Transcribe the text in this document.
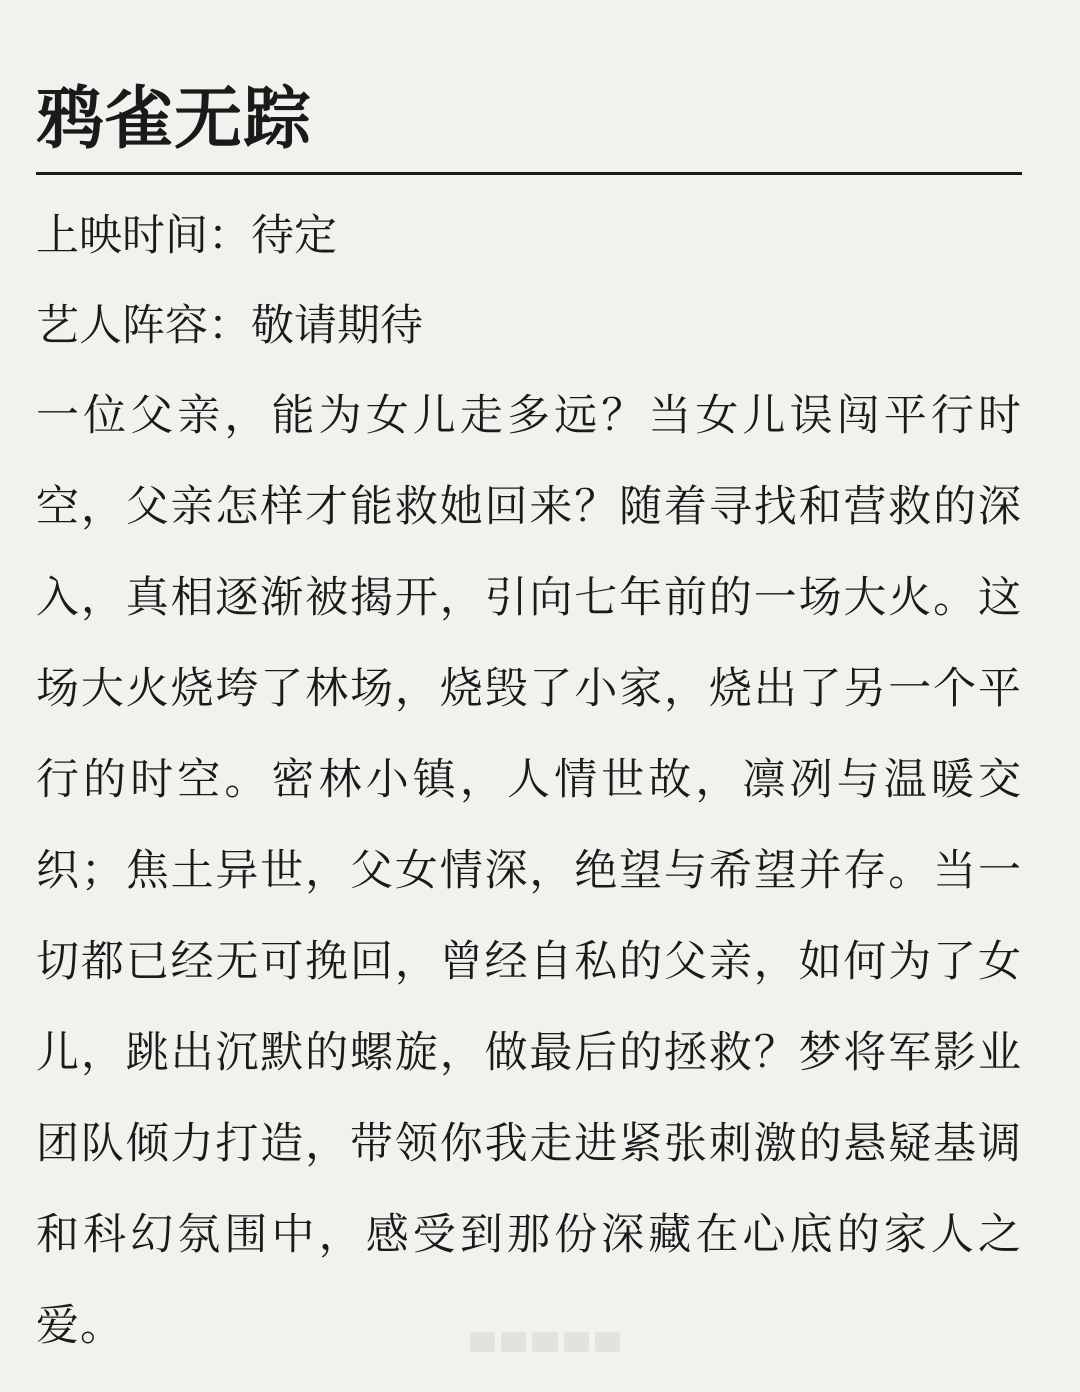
鸦雀无踪
上映时间：待定
艺人阵容：敬请期待
一位父亲，能为女儿走多远？当女儿误闯平行时空，父亲怎样才能救她回来？随着寻找和营救的深入，真相逐渐被揭开，引向七年前的一场大火。这场大火烧垮了林场，烧毁了小家，烧出了另一个平行的时空。密林小镇，人情世故，凛冽与温暖交织；焦土异世，父女情深，绝望与希望并存。当一切都已经无可挽回，曾经自私的父亲，如何为了女儿，跳出沉默的螺旋，做最后的拯救？梦将军影业团队倾力打造，带领你我走进紧张刺激的悬疑基调和科幻氛围中，感受到那份深藏在心底的家人之爱。
